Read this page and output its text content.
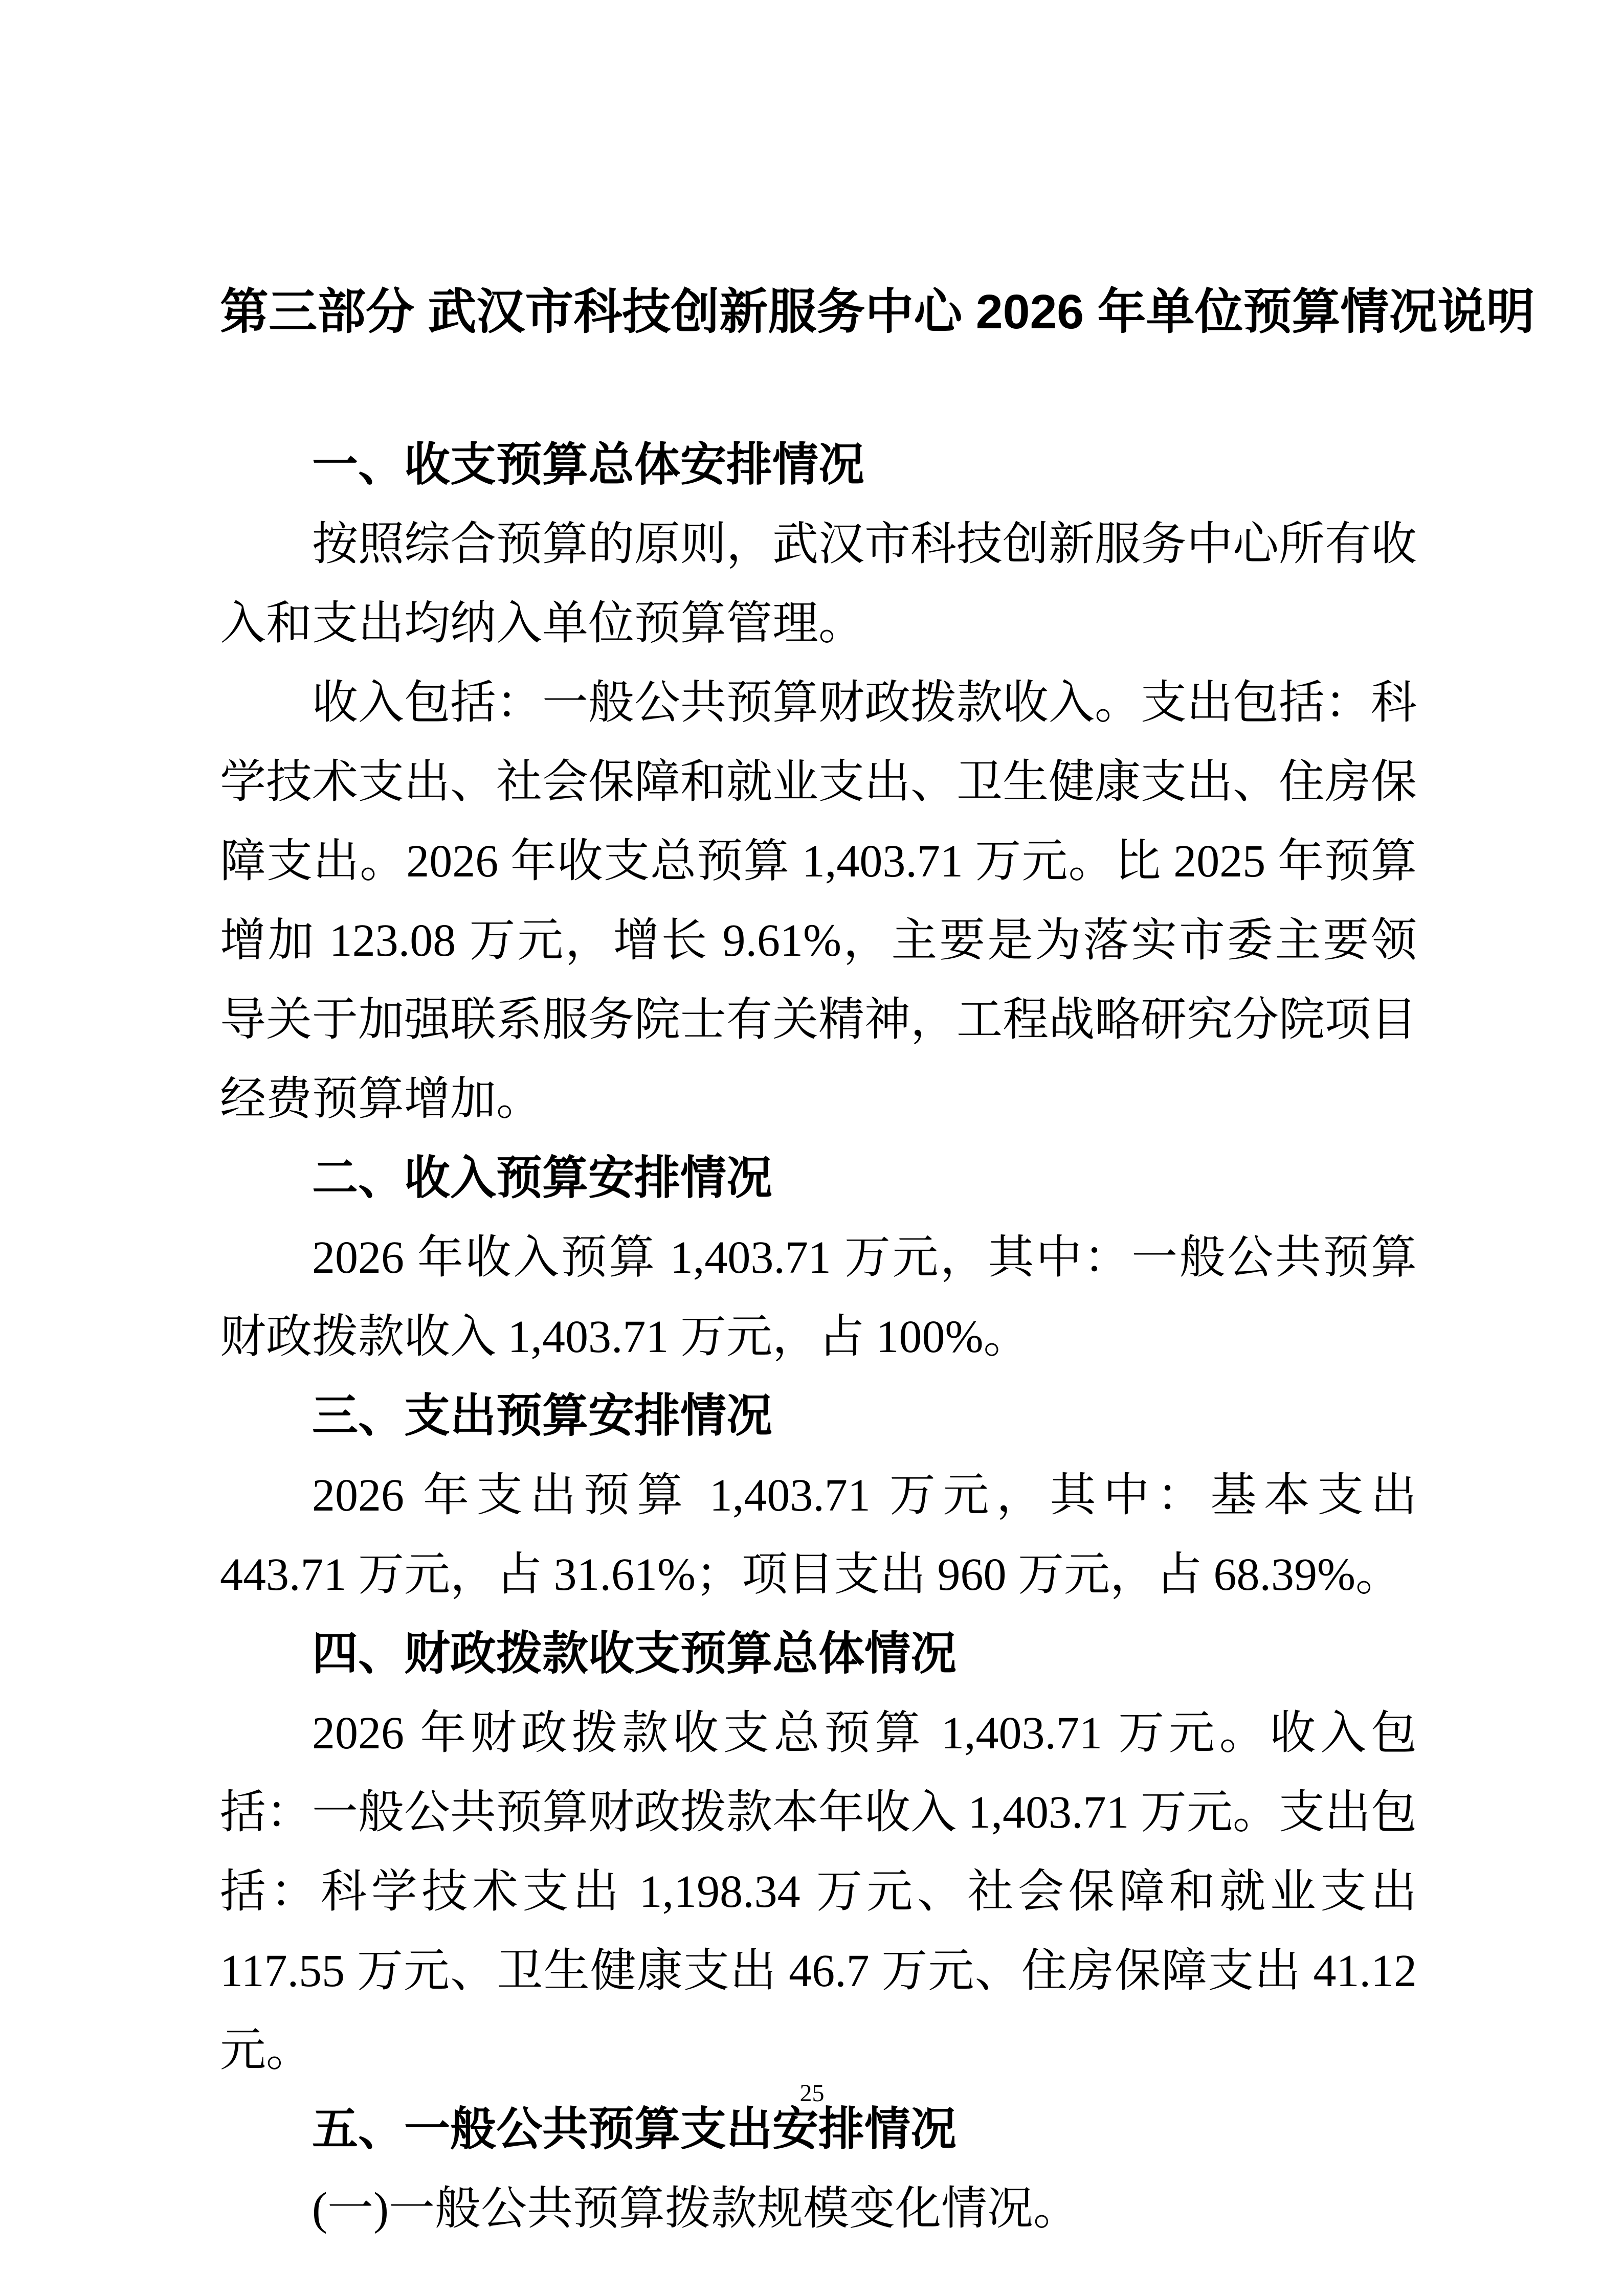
第三部分 武汉市科技创新服务中心 2026 年单位预算情况说明
一、收支预算总体安排情况

按照综合预算的原则，武汉市科技创新服务中心所有收入和支出均纳入单位预算管理。

收入包括：一般公共预算财政拨款收入。支出包括：科学技术支出、社会保障和就业支出、卫生健康支出、住房保障支出。2026 年收支总预算 1,403.71 万元。比 2025 年预算增加 123.08 万元，增长 9.61%，主要是为落实市委主要领导关于加强联系服务院士有关精神，工程战略研究分院项目经费预算增加。

二、收入预算安排情况

2026 年收入预算 1,403.71 万元，其中：一般公共预算财政拨款收入 1,403.71 万元，占 100%。

三、支出预算安排情况

2026 年支出预算 1,403.71 万元，其中：基本支出 443.71 万元，占 31.61%；项目支出 960 万元，占 68.39%。

四、财政拨款收支预算总体情况

2026 年财政拨款收支总预算 1,403.71 万元。收入包括：一般公共预算财政拨款本年收入 1,403.71 万元。支出包括：科学技术支出 1,198.34 万元、社会保障和就业支出 117.55 万元、卫生健康支出 46.7 万元、住房保障支出 41.12 元。

五、一般公共预算支出安排情况

(一)一般公共预算拨款规模变化情况。

25
